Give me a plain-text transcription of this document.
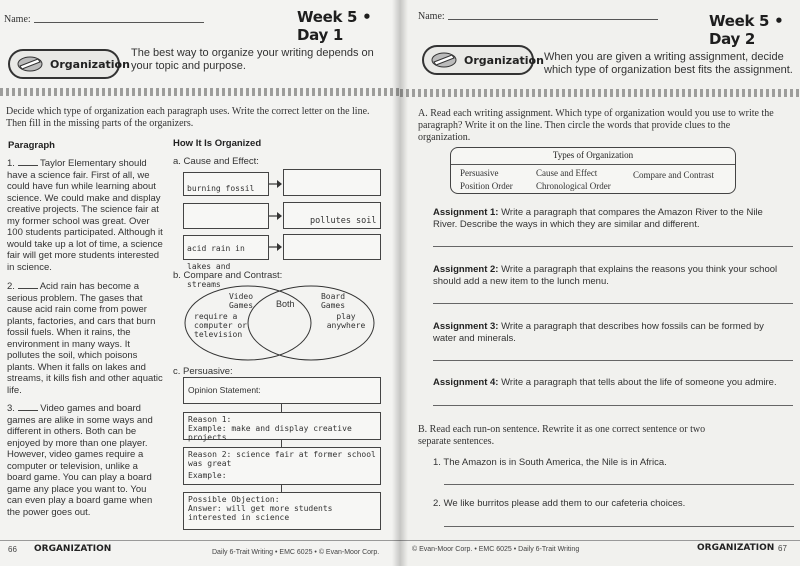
Name:	Week 5 • Day 1
Organization
The best way to organize your writing depends on your topic and purpose.
Decide which type of organization each paragraph uses. Write the correct letter on the line. Then fill in the missing parts of the organizers.
Paragraph	How It Is Organized
1.	Taylor Elementary should have a science fair. First of all, we could have fun while learning about science. We could make and display creative projects. The science fair at my former school was great. Over 100 students participated. Although it would take up a lot of time, a science fair will get more students interested in science.
2.	Acid rain has become a serious problem. The gases that cause acid rain come from power plants, factories, and cars that burn fossil fuels. When it rains, the environment in many ways. It pollutes the soil, which poisons plants. When it falls on lakes and streams, it kills fish and other aquatic life.
3.	Video games and board games are alike in some ways and different in others. Both can be enjoyed by more than one player. However, video games require a computer or television, unlike a board game. You can play a board game any place you want to. You can even play a board game when the power goes out.
a. Cause and Effect:
burning fossil
pollutes soil
acid rain in lakes and streams
b. Compare and Contrast:
Video Games
Board Games
Both
require a computer or television
play anywhere
c. Persuasive:
Opinion Statement:
Reason 1:
Example: make and display creative projects
Reason 2: science fair at former school was great
Example:
Possible Objection:
Answer: will get more students interested in science
66 ORGANIZATION	Daily 6-Trait Writing • EMC 6025 • © Evan-Moor Corp.
Name:	Week 5 • Day 2
Organization When you are given a writing assignment, decide which type of organization best fits the assignment.
A. Read each writing assignment. Which type of organization would you use to write the paragraph? Write it on the line. Then circle the words that provide clues to the organization.
Types of Organization
Persuasive	Cause and Effect	Compare and Contrast
Position Order	Chronological Order
Assignment 1: Write a paragraph that compares the Amazon River to the Nile River. Describe the ways in which they are similar and different.
Assignment 2: Write a paragraph that explains the reasons you think your school should add a new item to the lunch menu.
Assignment 3: Write a paragraph that describes how fossils can be formed by water and minerals.
Assignment 4: Write a paragraph that tells about the life of someone you admire.
B. Read each run-on sentence. Rewrite it as one correct sentence or two separate sentences.
1. The Amazon is in South America, the Nile is in Africa.
2. We like burritos please add them to our cafeteria choices.
© Evan-Moor Corp. • EMC 6025 • Daily 6-Trait Writing	ORGANIZATION 67
